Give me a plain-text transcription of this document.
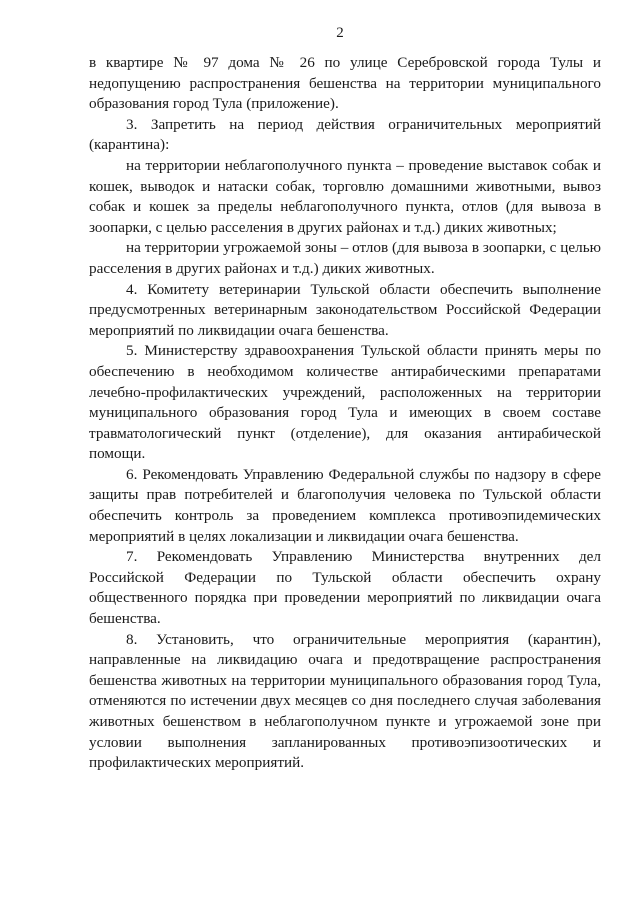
2

в квартире № 97 дома № 26 по улице Серебровской города Тулы и недопущению распространения бешенства на территории муниципального образования город Тула (приложение).

3. Запретить на период действия ограничительных мероприятий (карантина):

на территории неблагополучного пункта – проведение выставок собак и кошек, выводок и натаски собак, торговлю домашними животными, вывоз собак и кошек за пределы неблагополучного пункта, отлов (для вывоза в зоопарки, с целью расселения в других районах и т.д.) диких животных;

на территории угрожаемой зоны – отлов (для вывоза в зоопарки, с целью расселения в других районах и т.д.) диких животных.

4. Комитету ветеринарии Тульской области обеспечить выполнение предусмотренных ветеринарным законодательством Российской Федерации мероприятий по ликвидации очага бешенства.

5. Министерству здравоохранения Тульской области принять меры по обеспечению в необходимом количестве антирабическими препаратами лечебно-профилактических учреждений, расположенных на территории муниципального образования город Тула и имеющих в своем составе травматологический пункт (отделение), для оказания антирабической помощи.

6. Рекомендовать Управлению Федеральной службы по надзору в сфере защиты прав потребителей и благополучия человека по Тульской области обеспечить контроль за проведением комплекса противоэпидемических мероприятий в целях локализации и ликвидации очага бешенства.

7. Рекомендовать Управлению Министерства внутренних дел Российской Федерации по Тульской области обеспечить охрану общественного порядка при проведении мероприятий по ликвидации очага бешенства.

8. Установить, что ограничительные мероприятия (карантин), направленные на ликвидацию очага и предотвращение распространения бешенства животных на территории муниципального образования город Тула, отменяются по истечении двух месяцев со дня последнего случая заболевания животных бешенством в неблагополучном пункте и угрожаемой зоне при условии выполнения запланированных противоэпизоотических и профилактических мероприятий.
